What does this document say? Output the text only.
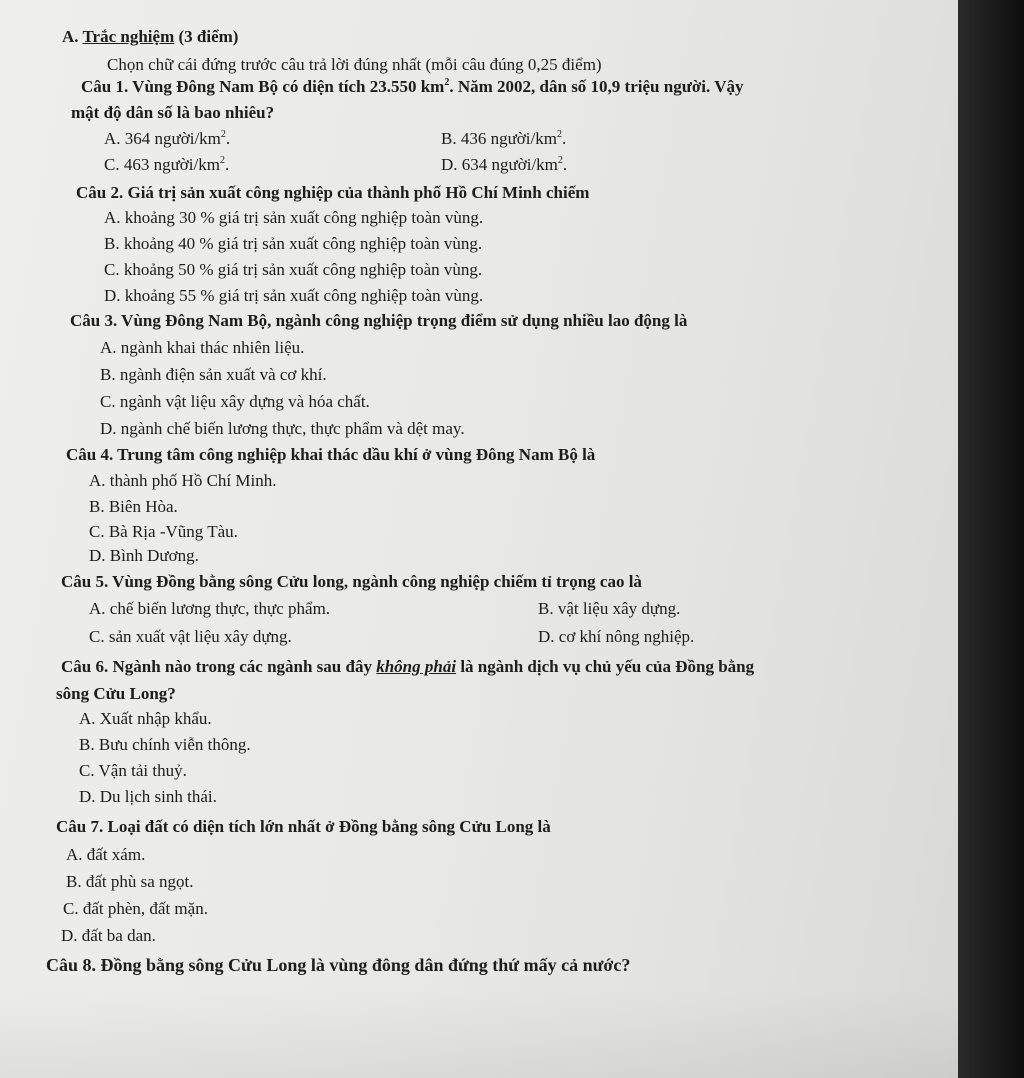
A. Trắc nghiệm (3 điểm)
Chọn chữ cái đứng trước câu trả lời đúng nhất (mỗi câu đúng 0,25 điểm)
Câu 1. Vùng Đông Nam Bộ có diện tích 23.550 $km^2$. Năm 2002, dân số 10,9 triệu người. Vậy
mật độ dân số là bao nhiêu?
A. 364 người/$km^2$.	B. 436 người/$km^2$.
C. 463 người/$km^2$.	D. 634 người/$km^2$.
Câu 2. Giá trị sản xuất công nghiệp của thành phố Hồ Chí Minh chiếm
A. khoảng 30 % giá trị sản xuất công nghiệp toàn vùng.
B. khoảng 40 % giá trị sản xuất công nghiệp toàn vùng.
C. khoảng 50 % giá trị sản xuất công nghiệp toàn vùng.
D. khoảng 55 % giá trị sản xuất công nghiệp toàn vùng.
Câu 3. Vùng Đông Nam Bộ, ngành công nghiệp trọng điểm sử dụng nhiều lao động là
A. ngành khai thác nhiên liệu.
B. ngành điện sản xuất và cơ khí.
C. ngành vật liệu xây dựng và hóa chất.
D. ngành chế biến lương thực, thực phẩm và dệt may.
Câu 4. Trung tâm công nghiệp khai thác dầu khí ở vùng Đông Nam Bộ là
A. thành phố Hồ Chí Minh.
B. Biên Hòa.
C. Bà Rịa -Vũng Tàu.
D. Bình Dương.
Câu 5. Vùng Đồng bằng sông Cửu long, ngành công nghiệp chiếm tỉ trọng cao là
A. chế biến lương thực, thực phẩm.	B. vật liệu xây dựng.
C. sản xuất vật liệu xây dựng.	D. cơ khí nông nghiệp.
Câu 6. Ngành nào trong các ngành sau đây không phải là ngành dịch vụ chủ yếu của Đồng bằng
sông Cửu Long?
A. Xuất nhập khẩu.
B. Bưu chính viễn thông.
C. Vận tải thuỷ.
D. Du lịch sinh thái.
Câu 7. Loại đất có diện tích lớn nhất ở Đồng bằng sông Cửu Long là
A. đất xám.
B. đất phù sa ngọt.
C. đất phèn, đất mặn.
D. đất ba dan.
Câu 8. Đồng bằng sông Cửu Long là vùng đông dân đứng thứ mấy cả nước?
